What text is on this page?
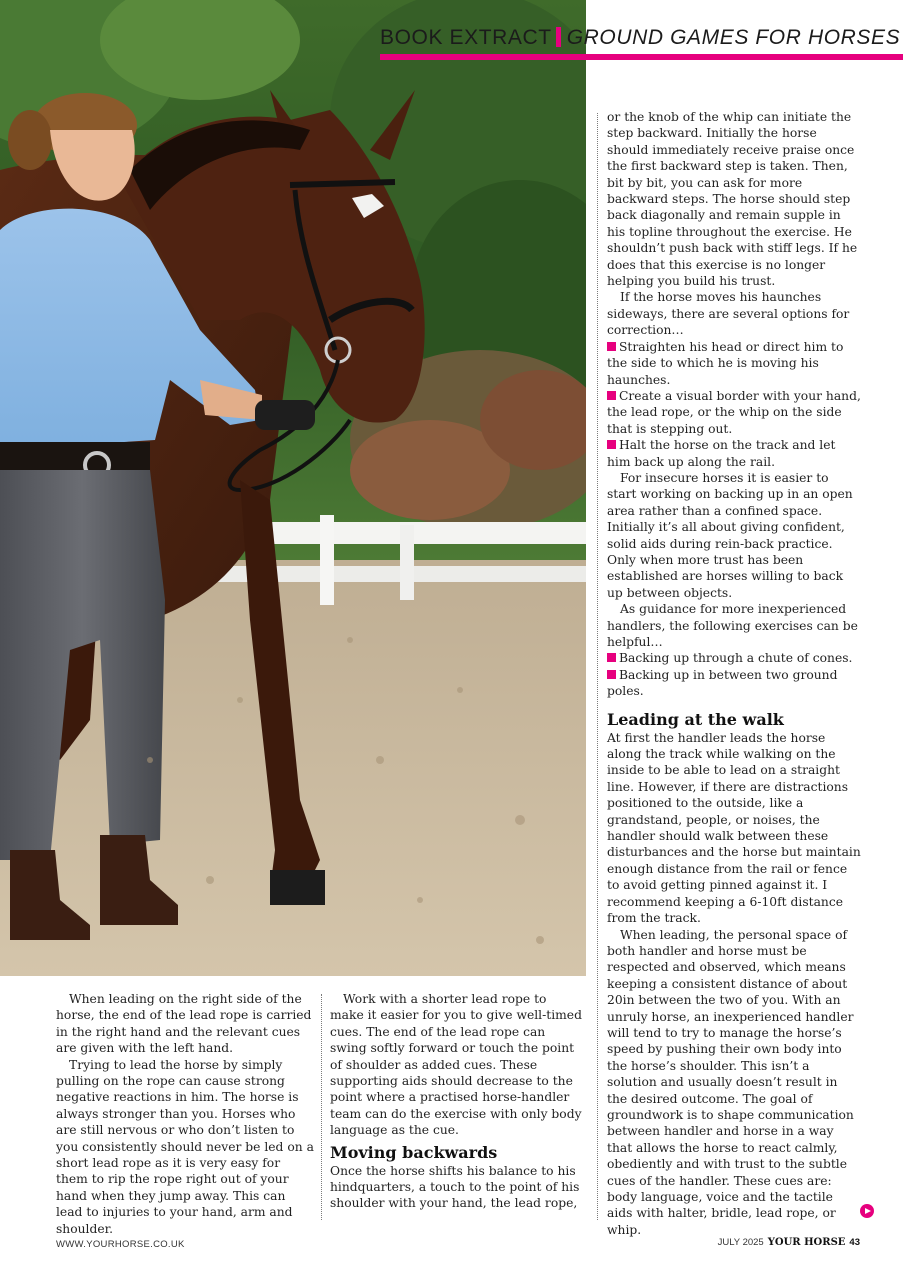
BOOK EXTRACT GROUND GAMES FOR HORSES

When leading on the right side of the horse, the end of the lead rope is carried in the right hand and the relevant cues are given with the left hand.

Trying to lead the horse by simply pulling on the rope can cause strong negative reactions in him. The horse is always stronger than you. Horses who are still nervous or who don’t listen to you consistently should never be led on a short lead rope as it is very easy for them to rip the rope right out of your hand when they jump away. This can lead to injuries to your hand, arm and shoulder.

Work with a shorter lead rope to make it easier for you to give well-timed cues. The end of the lead rope can swing softly forward or touch the point of shoulder as added cues. These supporting aids should decrease to the point where a practised horse-handler team can do the exercise with only body language as the cue.

Moving backwards

Once the horse shifts his balance to his hindquarters, a touch to the point of his shoulder with your hand, the lead rope,

or the knob of the whip can initiate the step backward. Initially the horse should immediately receive praise once the first backward step is taken. Then, bit by bit, you can ask for more backward steps. The horse should step back diagonally and remain supple in his topline throughout the exercise. He shouldn’t push back with stiff legs. If he does that this exercise is no longer helping you build his trust.

If the horse moves his haunches sideways, there are several options for correction…

Straighten his head or direct him to the side to which he is moving his haunches.

Create a visual border with your hand, the lead rope, or the whip on the side that is stepping out.

Halt the horse on the track and let him back up along the rail.

For insecure horses it is easier to start working on backing up in an open area rather than a confined space. Initially it’s all about giving confident, solid aids during rein-back practice. Only when more trust has been established are horses willing to back up between objects.

As guidance for more inexperienced handlers, the following exercises can be helpful…

Backing up through a chute of cones.

Backing up in between two ground poles.

Leading at the walk

At first the handler leads the horse along the track while walking on the inside to be able to lead on a straight line. However, if there are distractions positioned to the outside, like a grandstand, people, or noises, the handler should walk between these disturbances and the horse but maintain enough distance from the rail or fence to avoid getting pinned against it. I recommend keeping a 6-10ft distance from the track.

When leading, the personal space of both handler and horse must be respected and observed, which means keeping a consistent distance of about 20in between the two of you. With an unruly horse, an inexperienced handler will tend to try to manage the horse’s speed by pushing their own body into the horse’s shoulder. This isn’t a solution and usually doesn’t result in the desired outcome. The goal of groundwork is to shape communication between handler and horse in a way that allows the horse to react calmly, obediently and with trust to the subtle cues of the handler. These cues are: body language, voice and the tactile aids with halter, bridle, lead rope, or whip.

WWW.YOURHORSE.CO.UK	JULY 2025 YOUR HORSE 43
